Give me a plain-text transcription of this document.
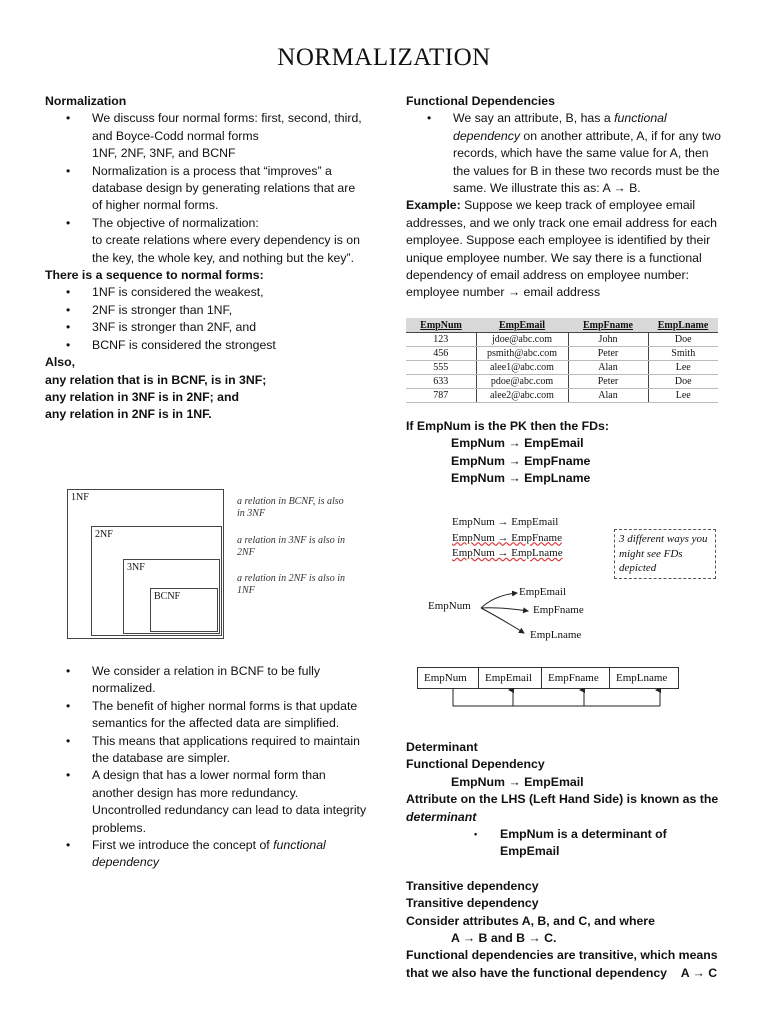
NORMALIZATION
Normalization
• We discuss four normal forms: first, second, third, and Boyce-Codd normal forms
1NF, 2NF, 3NF, and BCNF
• Normalization is a process that “improves” a database design by generating relations that are of higher normal forms.
• The objective of normalization:
to create relations where every dependency is on the key, the whole key, and nothing but the key”.
There is a sequence to normal forms:
• 1NF is considered the weakest,
• 2NF is stronger than 1NF,
• 3NF is stronger than 2NF, and
• BCNF is considered the strongest
Also,
any relation that is in BCNF, is in 3NF;
any relation in 3NF is in 2NF; and
any relation in 2NF is in 1NF.
1NF
2NF
3NF
BCNF
a relation in BCNF, is also in 3NF
a relation in 3NF is also in 2NF
a relation in 2NF is also in 1NF
• We consider a relation in BCNF to be fully normalized.
• The benefit of higher normal forms is that update semantics for the affected data are simplified.
• This means that applications required to maintain the database are simpler.
• A design that has a lower normal form than another design has more redundancy. Uncontrolled redundancy can lead to data integrity problems.
• First we introduce the concept of functional dependency
Functional Dependencies
• We say an attribute, B, has a functional dependency on another attribute, A, if for any two records, which have the same value for A, then the values for B in these two records must be the same. We illustrate this as: A → B.
Example: Suppose we keep track of employee email addresses, and we only track one email address for each employee. Suppose each employee is identified by their unique employee number. We say there is a functional dependency of email address on employee number:
employee number → email address
EmpNum	EmpEmail	EmpFname	EmpLname
123	jdoe@abc.com	John	Doe
456	psmith@abc.com	Peter	Smith
555	alee1@abc.com	Alan	Lee
633	pdoe@abc.com	Peter	Doe
787	alee2@abc.com	Alan	Lee
If EmpNum is the PK then the FDs:
EmpNum → EmpEmail
EmpNum → EmpFname
EmpNum → EmpLname
EmpNum → EmpEmail
EmpNum → EmpFname
EmpNum → EmpLname
3 different ways you might see FDs depicted
EmpNum
EmpEmail
EmpFname
EmpLname
EmpNum	EmpEmail	EmpFname	EmpLname
Determinant
Functional Dependency
EmpNum → EmpEmail
Attribute on the LHS (Left Hand Side) is known as the
determinant
• EmpNum is a determinant of EmpEmail
Transitive dependency
Transitive dependency
Consider attributes A, B, and C, and where
A → B and B → C.
Functional dependencies are transitive, which means that we also have the functional dependency A → C
